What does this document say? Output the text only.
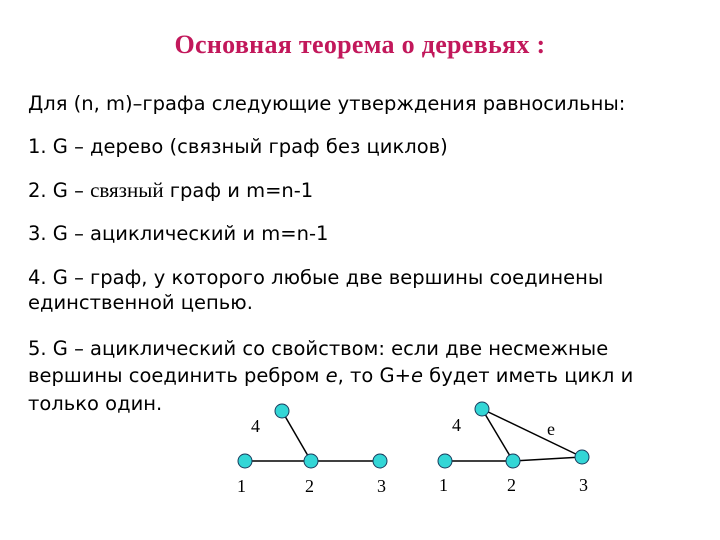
Основная теорема о деревьях :
Для (n, m)–графа следующие утверждения равносильны:
1. G – дерево (связный граф без циклов)
2. G – связный граф и m=n-1
3. G – ациклический и m=n-1
4. G – граф, у которого любые две вершины соединены
единственной цепью.
5. G – ациклический со свойством: если две несмежные
вершины соединить ребром e, то G+e будет иметь цикл и
только один.
4
1	2	3
4	e
1	2	3
